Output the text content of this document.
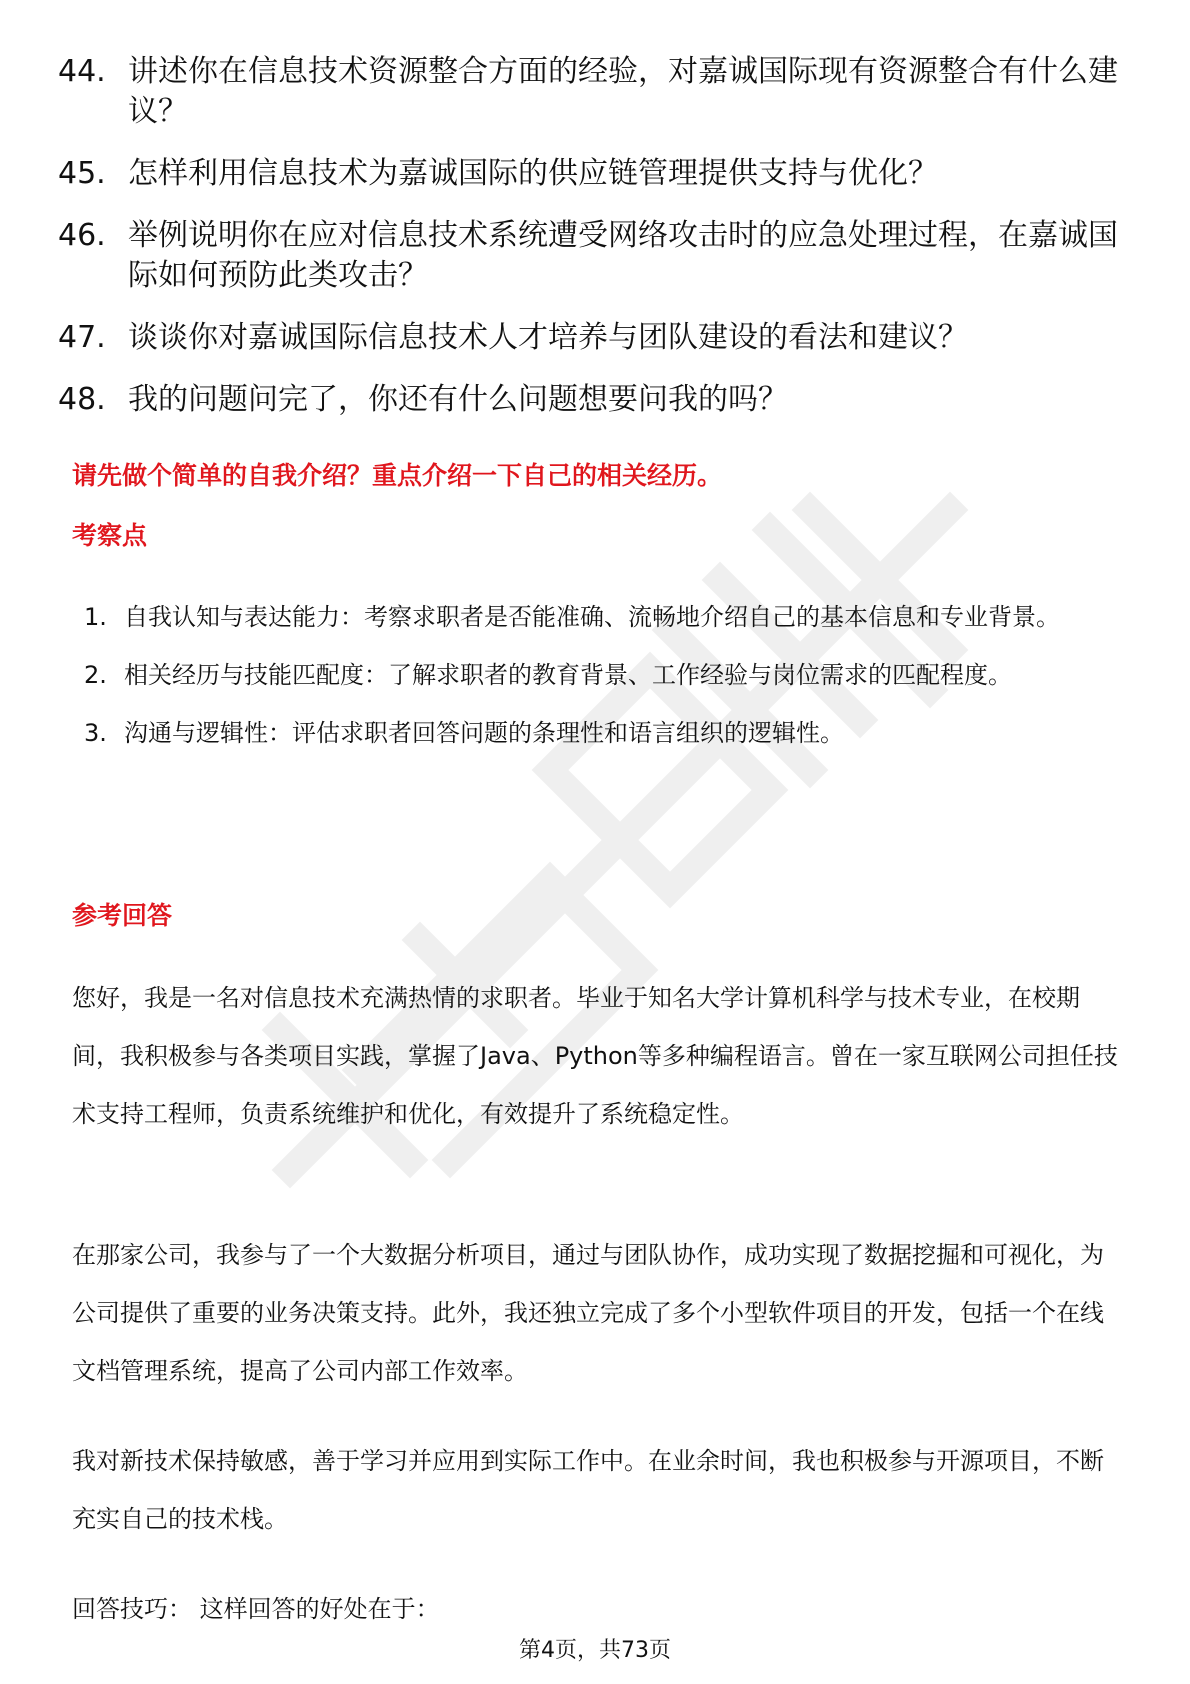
44. 讲述你在信息技术资源整合方面的经验，对嘉诚国际现有资源整合有什么建议？
45. 怎样利用信息技术为嘉诚国际的供应链管理提供支持与优化？
46. 举例说明你在应对信息技术系统遭受网络攻击时的应急处理过程，在嘉诚国际如何预防此类攻击？
47. 谈谈你对嘉诚国际信息技术人才培养与团队建设的看法和建议？
48. 我的问题问完了，你还有什么问题想要问我的吗？
请先做个简单的自我介绍？重点介绍一下自己的相关经历。
考察点
1. 自我认知与表达能力：考察求职者是否能准确、流畅地介绍自己的基本信息和专业背景。
2. 相关经历与技能匹配度：了解求职者的教育背景、工作经验与岗位需求的匹配程度。
3. 沟通与逻辑性：评估求职者回答问题的条理性和语言组织的逻辑性。
参考回答
您好，我是一名对信息技术充满热情的求职者。毕业于知名大学计算机科学与技术专业，在校期间，我积极参与各类项目实践，掌握了Java、Python等多种编程语言。曾在一家互联网公司担任技术支持工程师，负责系统维护和优化，有效提升了系统稳定性。
在那家公司，我参与了一个大数据分析项目，通过与团队协作，成功实现了数据挖掘和可视化，为公司提供了重要的业务决策支持。此外，我还独立完成了多个小型软件项目的开发，包括一个在线文档管理系统，提高了公司内部工作效率。
我对新技术保持敏感，善于学习并应用到实际工作中。在业余时间，我也积极参与开源项目，不断充实自己的技术栈。
回答技巧： 这样回答的好处在于：
第4页，共73页
